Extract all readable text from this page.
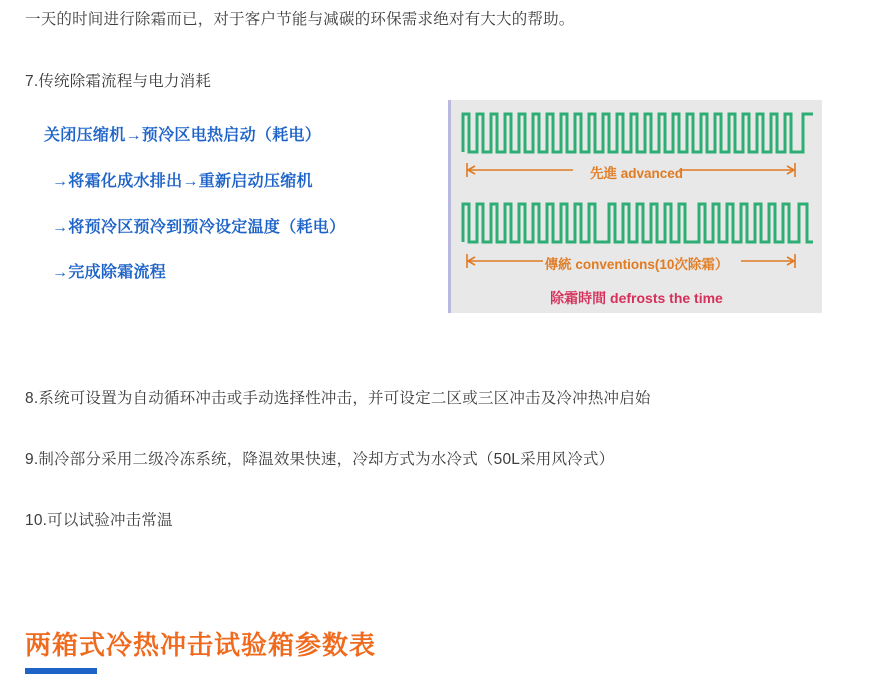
一天的时间进行除霜而已，对于客户节能与减碳的环保需求绝对有大大的帮助。
7.传统除霜流程与电力消耗
关闭压缩机→预冷区电热启动（耗电）
→将霜化成水排出→重新启动压缩机
→将预冷区预冷到预冷设定温度（耗电）
→完成除霜流程
先進 advanced
傳統 conventions(10次除霜）
除霜時間 defrosts the time
8.系统可设置为自动循环冲击或手动选择性冲击，并可设定二区或三区冲击及冷冲热冲启始
9.制冷部分采用二级冷冻系统，降温效果快速，冷却方式为水冷式（50L采用风冷式）
10.可以试验冲击常温
两箱式冷热冲击试验箱参数表
